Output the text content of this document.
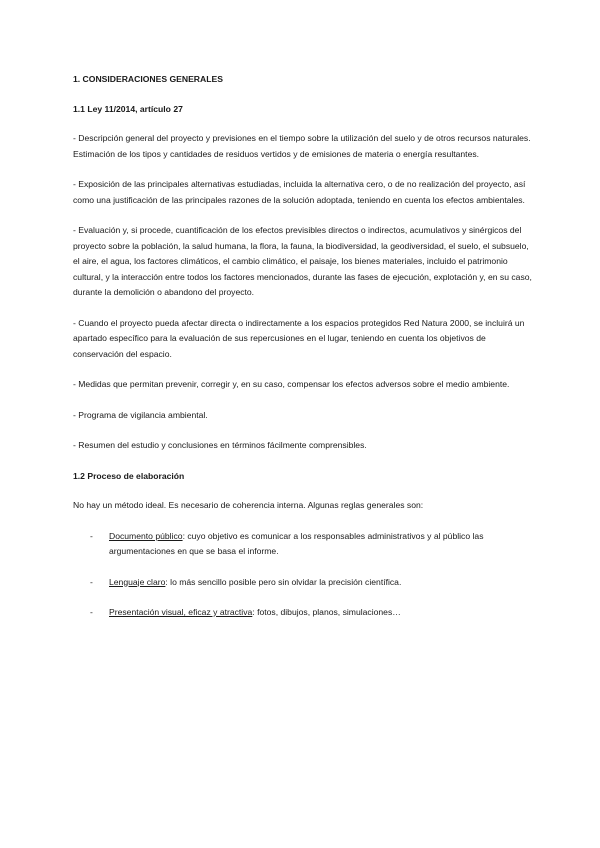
1. CONSIDERACIONES GENERALES
1.1 Ley 11/2014, artículo 27

- Descripción general del proyecto y previsiones en el tiempo sobre la utilización del suelo y de otros recursos naturales. Estimación de los tipos y cantidades de residuos vertidos y de emisiones de materia o energía resultantes.

- Exposición de las principales alternativas estudiadas, incluida la alternativa cero, o de no realización del proyecto, así como una justificación de las principales razones de la solución adoptada, teniendo en cuenta los efectos ambientales.

- Evaluación y, si procede, cuantificación de los efectos previsibles directos o indirectos, acumulativos y sinérgicos del proyecto sobre la población, la salud humana, la flora, la fauna, la biodiversidad, la geodiversidad, el suelo, el subsuelo, el aire, el agua, los factores climáticos, el cambio climático, el paisaje, los bienes materiales, incluido el patrimonio cultural, y la interacción entre todos los factores mencionados, durante las fases de ejecución, explotación y, en su caso, durante la demolición o abandono del proyecto.

- Cuando el proyecto pueda afectar directa o indirectamente a los espacios protegidos Red Natura 2000, se incluirá un apartado específico para la evaluación de sus repercusiones en el lugar, teniendo en cuenta los objetivos de conservación del espacio.

- Medidas que permitan prevenir, corregir y, en su caso, compensar los efectos adversos sobre el medio ambiente.

- Programa de vigilancia ambiental.

- Resumen del estudio y conclusiones en términos fácilmente comprensibles.

1.2 Proceso de elaboración

No hay un método ideal. Es necesario de coherencia interna. Algunas reglas generales son:

- Documento público: cuyo objetivo es comunicar a los responsables administrativos y al público las argumentaciones en que se basa el informe.
- Lenguaje claro: lo más sencillo posible pero sin olvidar la precisión científica.
- Presentación visual, eficaz y atractiva: fotos, dibujos, planos, simulaciones…
